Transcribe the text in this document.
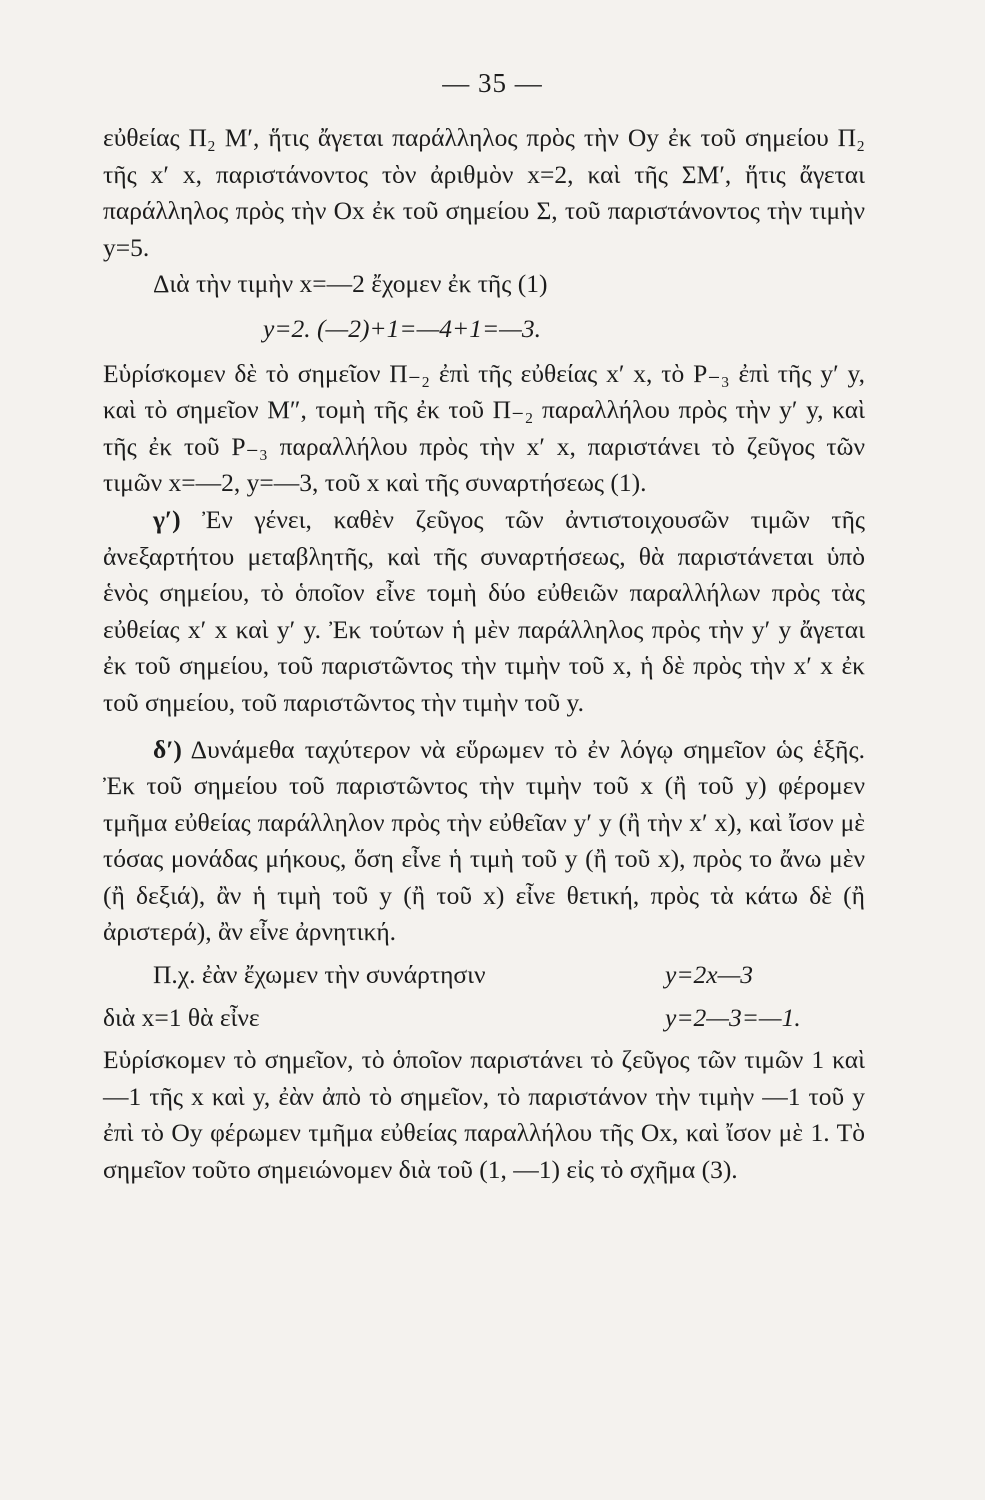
— 35 —

εὐθείας Π₂ Μ′, ἥτις ἄγεται παράλληλος πρὸς τὴν Oy ἐκ τοῦ σημείου Π₂ τῆς x′ x, παριστάνοντος τὸν ἀριθμὸν x=2, καὶ τῆς ΣΜ′, ἥτις ἄγεται παράλληλος πρὸς τὴν Ox ἐκ τοῦ σημείου Σ, τοῦ παριστάνοντος τὴν τιμὴν y=5.

Διὰ τὴν τιμὴν x=—2 ἔχομεν ἐκ τῆς (1)

y=2. (—2)+1=—4+1=—3.

Εὑρίσκομεν δὲ τὸ σημεῖον Π₋₂ ἐπὶ τῆς εὐθείας x′ x, τὸ Ρ₋₃ ἐπὶ τῆς y′ y, καὶ τὸ σημεῖον Μ″, τομὴ τῆς ἐκ τοῦ Π₋₂ παραλλήλου πρὸς τὴν y′ y, καὶ τῆς ἐκ τοῦ Ρ₋₃ παραλλήλου πρὸς τὴν x′ x, παριστάνει τὸ ζεῦγος τῶν τιμῶν x=—2, y=—3, τοῦ x καὶ τῆς συναρτήσεως (1).

γ′) Ἐν γένει, καθὲν ζεῦγος τῶν ἀντιστοιχουσῶν τιμῶν τῆς ἀνεξαρτήτου μεταβλητῆς, καὶ τῆς συναρτήσεως, θὰ παριστάνεται ὑπὸ ἑνὸς σημείου, τὸ ὁποῖον εἶνε τομὴ δύο εὐθειῶν παραλλήλων πρὸς τὰς εὐθείας x′ x καὶ y′ y. Ἐκ τούτων ἡ μὲν παράλληλος πρὸς τὴν y′ y ἄγεται ἐκ τοῦ σημείου, τοῦ παριστῶντος τὴν τιμὴν τοῦ x, ἡ δὲ πρὸς τὴν x′ x ἐκ τοῦ σημείου, τοῦ παριστῶντος τὴν τιμὴν τοῦ y.

δ′) Δυνάμεθα ταχύτερον νὰ εὕρωμεν τὸ ἐν λόγῳ σημεῖον ὡς ἑξῆς. Ἐκ τοῦ σημείου τοῦ παριστῶντος τὴν τιμὴν τοῦ x (ἢ τοῦ y) φέρομεν τμῆμα εὐθείας παράλληλον πρὸς τὴν εὐθεῖαν y′ y (ἢ τὴν x′ x), καὶ ἴσον μὲ τόσας μονάδας μήκους, ὅση εἶνε ἡ τιμὴ τοῦ y (ἢ τοῦ x), πρὸς το ἄνω μὲν (ἢ δεξιά), ἂν ἡ τιμὴ τοῦ y (ἢ τοῦ x) εἶνε θετική, πρὸς τὰ κάτω δὲ (ἢ ἀριστερά), ἂν εἶνε ἀρνητική.

Π.χ. ἐὰν ἔχωμεν τὴν συνάρτησιν	y=2x—3
διὰ x=1 θὰ εἶνε	y=2—3=—1.

Εὑρίσκομεν τὸ σημεῖον, τὸ ὁποῖον παριστάνει τὸ ζεῦγος τῶν τιμῶν 1 καὶ —1 τῆς x καὶ y, ἐὰν ἀπὸ τὸ σημεῖον, τὸ παριστάνον τὴν τιμὴν —1 τοῦ y ἐπὶ τὸ Oy φέρωμεν τμῆμα εὐθείας παραλλήλου τῆς Ox, καὶ ἴσον μὲ 1. Τὸ σημεῖον τοῦτο σημειώνομεν διὰ τοῦ (1, —1) εἰς τὸ σχῆμα (3).
